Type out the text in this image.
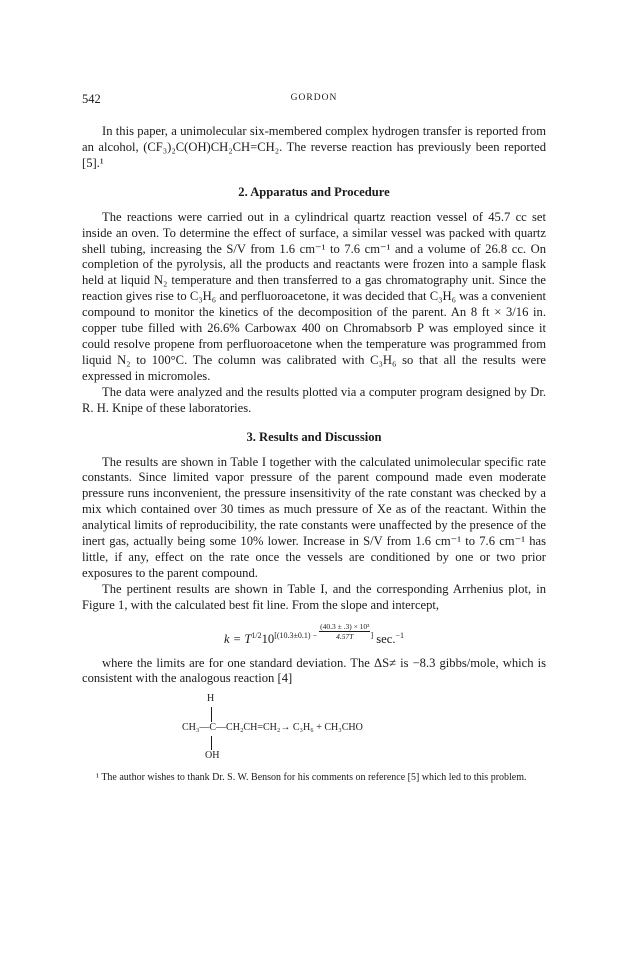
542	GORDON

In this paper, a unimolecular six-membered complex hydrogen transfer is reported from an alcohol, (CF₃)₂C(OH)CH₂CH=CH₂. The reverse reaction has previously been reported [5].¹

2. Apparatus and Procedure

The reactions were carried out in a cylindrical quartz reaction vessel of 45.7 cc set inside an oven. To determine the effect of surface, a similar vessel was packed with quartz shell tubing, increasing the S/V from 1.6 cm⁻¹ to 7.6 cm⁻¹ and a volume of 26.8 cc. On completion of the pyrolysis, all the products and reactants were frozen into a sample flask held at liquid N₂ temperature and then transferred to a gas chromatography unit. Since the reaction gives rise to C₃H₆ and perfluoroacetone, it was decided that C₃H₆ was a convenient compound to monitor the kinetics of the decomposition of the parent. An 8 ft × 3/16 in. copper tube filled with 26.6% Carbowax 400 on Chromabsorb P was employed since it could resolve propene from perfluoroacetone when the temperature was programmed from liquid N₂ to 100°C. The column was calibrated with C₃H₆ so that all the results were expressed in micromoles.

The data were analyzed and the results plotted via a computer program designed by Dr. R. H. Knipe of these laboratories.

3. Results and Discussion

The results are shown in Table I together with the calculated unimolecular specific rate constants. Since limited vapor pressure of the parent compound made even moderate pressure runs inconvenient, the pressure insensitivity of the rate constant was checked by a mix which contained over 30 times as much pressure of Xe as of the reactant. Within the analytical limits of reproducibility, the rate constants were unaffected by the presence of the inert gas, actually being some 10% lower. Increase in S/V from 1.6 cm⁻¹ to 7.6 cm⁻¹ has little, if any, effect on the rate once the vessels are conditioned by one or two prior exposures to the parent compound.

The pertinent results are shown in Table I, and the corresponding Arrhenius plot, in Figure 1, with the calculated best fit line. From the slope and intercept,

$k = T^{1/2}10^{[(10.3\pm 0.1) -} \frac{\text{(40.3 ± .3) × 10³}}{4.57T} ^]$ sec.$^{-1}$

where the limits are for one standard deviation. The ΔS≠ is −8.3 gibbs/mole, which is consistent with the analogous reaction [4]

H
CH₃—C—CH₂CH=CH₂→ C₃H₆ + CH₃CHO
OH

¹ The author wishes to thank Dr. S. W. Benson for his comments on reference [5] which led to this problem.
